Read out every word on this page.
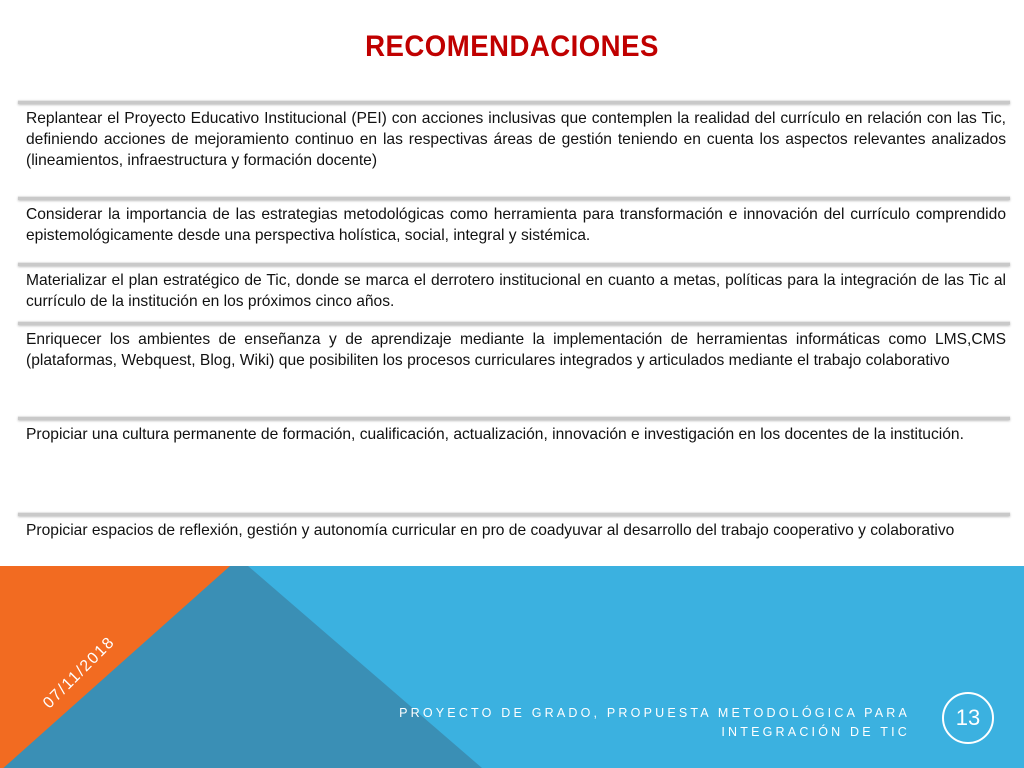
RECOMENDACIONES
Replantear el Proyecto Educativo Institucional (PEI) con acciones inclusivas que contemplen la realidad del currículo en relación con las Tic, definiendo acciones de mejoramiento continuo en las respectivas áreas de gestión teniendo en cuenta los aspectos relevantes analizados (lineamientos, infraestructura y formación docente)
Considerar la importancia de las estrategias metodológicas como herramienta para transformación e innovación del currículo comprendido epistemológicamente desde una perspectiva holística, social, integral y sistémica.
Materializar el plan estratégico de Tic, donde se marca el derrotero institucional en cuanto a metas, políticas para la integración de las Tic al currículo de la institución en los próximos cinco años.
Enriquecer los ambientes de enseñanza y de aprendizaje mediante la implementación de herramientas informáticas como LMS,CMS (plataformas, Webquest, Blog, Wiki) que posibiliten los procesos curriculares integrados y articulados mediante el trabajo colaborativo
Propiciar una cultura permanente de formación, cualificación, actualización, innovación e investigación en los docentes de la institución.
Propiciar espacios de reflexión, gestión y autonomía curricular en pro de coadyuvar al desarrollo del trabajo cooperativo y colaborativo
07/11/2018
PROYECTO DE GRADO, PROPUESTA METODOLÓGICA PARA INTEGRACIÓN DE TIC
13
